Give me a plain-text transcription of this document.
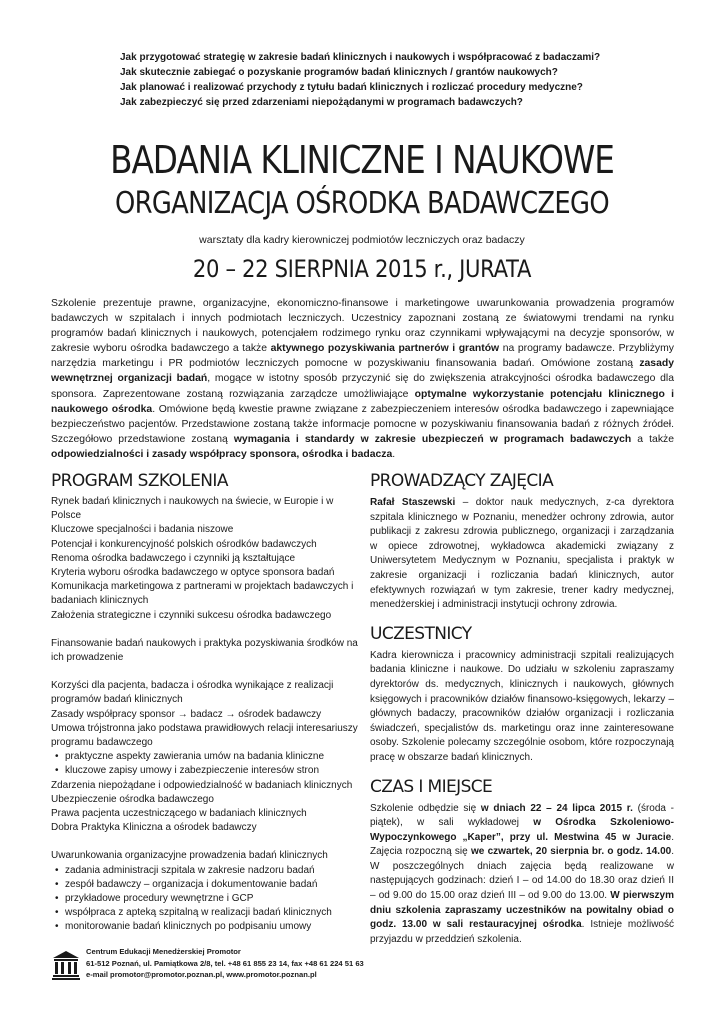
Jak przygotować strategię w zakresie badań klinicznych i naukowych i współpracować z badaczami?
Jak skutecznie zabiegać o pozyskanie programów badań klinicznych / grantów naukowych?
Jak planować i realizować przychody z tytułu badań klinicznych i rozliczać procedury medyczne?
Jak zabezpieczyć się przed zdarzeniami niepożądanymi w programach badawczych?
BADANIA KLINICZNE I NAUKOWE
ORGANIZACJA OŚRODKA BADAWCZEGO
warsztaty dla kadry kierowniczej podmiotów leczniczych oraz badaczy
20 – 22 SIERPNIA 2015 r., JURATA

Szkolenie prezentuje prawne, organizacyjne, ekonomiczno-finansowe i marketingowe uwarunkowania prowadzenia programów badawczych w szpitalach i innych podmiotach leczniczych. Uczestnicy zapoznani zostaną ze światowymi trendami na rynku programów badań klinicznych i naukowych, potencjałem rodzimego rynku oraz czynnikami wpływającymi na decyzje sponsorów, w zakresie wyboru ośrodka badawczego a także aktywnego pozyskiwania partnerów i grantów na programy badawcze. Przybliżymy narzędzia marketingu i PR podmiotów leczniczych pomocne w pozyskiwaniu finansowania badań. Omówione zostaną zasady wewnętrznej organizacji badań, mogące w istotny sposób przyczynić się do zwiększenia atrakcyjności ośrodka badawczego dla sponsora. Zaprezentowane zostaną rozwiązania zarządcze umożliwiające optymalne wykorzystanie potencjału klinicznego i naukowego ośrodka. Omówione będą kwestie prawne związane z zabezpieczeniem interesów ośrodka badawczego i zapewniające bezpieczeństwo pacjentów. Przedstawione zostaną także informacje pomocne w pozyskiwaniu finansowania badań z różnych źródeł. Szczegółowo przedstawione zostaną wymagania i standardy w zakresie ubezpieczeń w programach badawczych a także odpowiedzialności i zasady współpracy sponsora, ośrodka i badacza.

PROGRAM SZKOLENIA
Rynek badań klinicznych i naukowych na świecie, w Europie i w Polsce
Kluczowe specjalności i badania niszowe
Potencjał i konkurencyjność polskich ośrodków badawczych
Renoma ośrodka badawczego i czynniki ją kształtujące
Kryteria wyboru ośrodka badawczego w optyce sponsora badań
Komunikacja marketingowa z partnerami w projektach badawczych i badaniach klinicznych
Założenia strategiczne i czynniki sukcesu ośrodka badawczego
Finansowanie badań naukowych i praktyka pozyskiwania środków na ich prowadzenie
Korzyści dla pacjenta, badacza i ośrodka wynikające z realizacji programów badań klinicznych
Zasady współpracy sponsor → badacz → ośrodek badawczy
Umowa trójstronna jako podstawa prawidłowych relacji interesariuszy programu badawczego
• praktyczne aspekty zawierania umów na badania kliniczne
• kluczowe zapisy umowy i zabezpieczenie interesów stron
Zdarzenia niepożądane i odpowiedzialność w badaniach klinicznych
Ubezpieczenie ośrodka badawczego
Prawa pacjenta uczestniczącego w badaniach klinicznych
Dobra Praktyka Kliniczna a ośrodek badawczy
Uwarunkowania organizacyjne prowadzenia badań klinicznych
• zadania administracji szpitala w zakresie nadzoru badań
• zespół badawczy – organizacja i dokumentowanie badań
• przykładowe procedury wewnętrzne i GCP
• współpraca z apteką szpitalną w realizacji badań klinicznych
• monitorowanie badań klinicznych po podpisaniu umowy
PROWADZĄCY ZAJĘCIA

Rafał Staszewski – doktor nauk medycznych, z-ca dyrektora szpitala klinicznego w Poznaniu, menedżer ochrony zdrowia, autor publikacji z zakresu zdrowia publicznego, organizacji i zarządzania w opiece zdrowotnej, wykładowca akademicki związany z Uniwersytetem Medycznym w Poznaniu, specjalista i praktyk w zakresie organizacji i rozliczania badań klinicznych, autor efektywnych rozwiązań w tym zakresie, trener kadry medycznej, menedżerskiej i administracji instytucji ochrony zdrowia.

UCZESTNICY

Kadra kierownicza i pracownicy administracji szpitali realizujących badania kliniczne i naukowe. Do udziału w szkoleniu zapraszamy dyrektorów ds. medycznych, klinicznych i naukowych, głównych księgowych i pracowników działów finansowo-księgowych, lekarzy – głównych badaczy, pracowników działów organizacji i rozliczania świadczeń, specjalistów ds. marketingu oraz inne zainteresowane osoby. Szkolenie polecamy szczególnie osobom, które rozpoczynają pracę w obszarze badań klinicznych.

CZAS I MIEJSCE

Szkolenie odbędzie się w dniach 22 – 24 lipca 2015 r. (środa - piątek), w sali wykładowej w Ośrodka Szkoleniowo-Wypoczynkowego „Kaper”, przy ul. Mestwina 45 w Juracie. Zajęcia rozpoczną się we czwartek, 20 sierpnia br. o godz. 14.00. W poszczególnych dniach zajęcia będą realizowane w następujących godzinach: dzień I – od 14.00 do 18.30 oraz dzień II – od 9.00 do 15.00 oraz dzień III – od 9.00 do 13.00. W pierwszym dniu szkolenia zapraszamy uczestników na powitalny obiad o godz. 13.00 w sali restauracyjnej ośrodka. Istnieje możliwość przyjazdu w przeddzień szkolenia.

Centrum Edukacji Menedżerskiej Promotor
61-512 Poznań, ul. Pamiątkowa 2/8, tel. +48 61 855 23 14, fax +48 61 224 51 63
e-mail promotor@promotor.poznan.pl, www.promotor.poznan.pl
